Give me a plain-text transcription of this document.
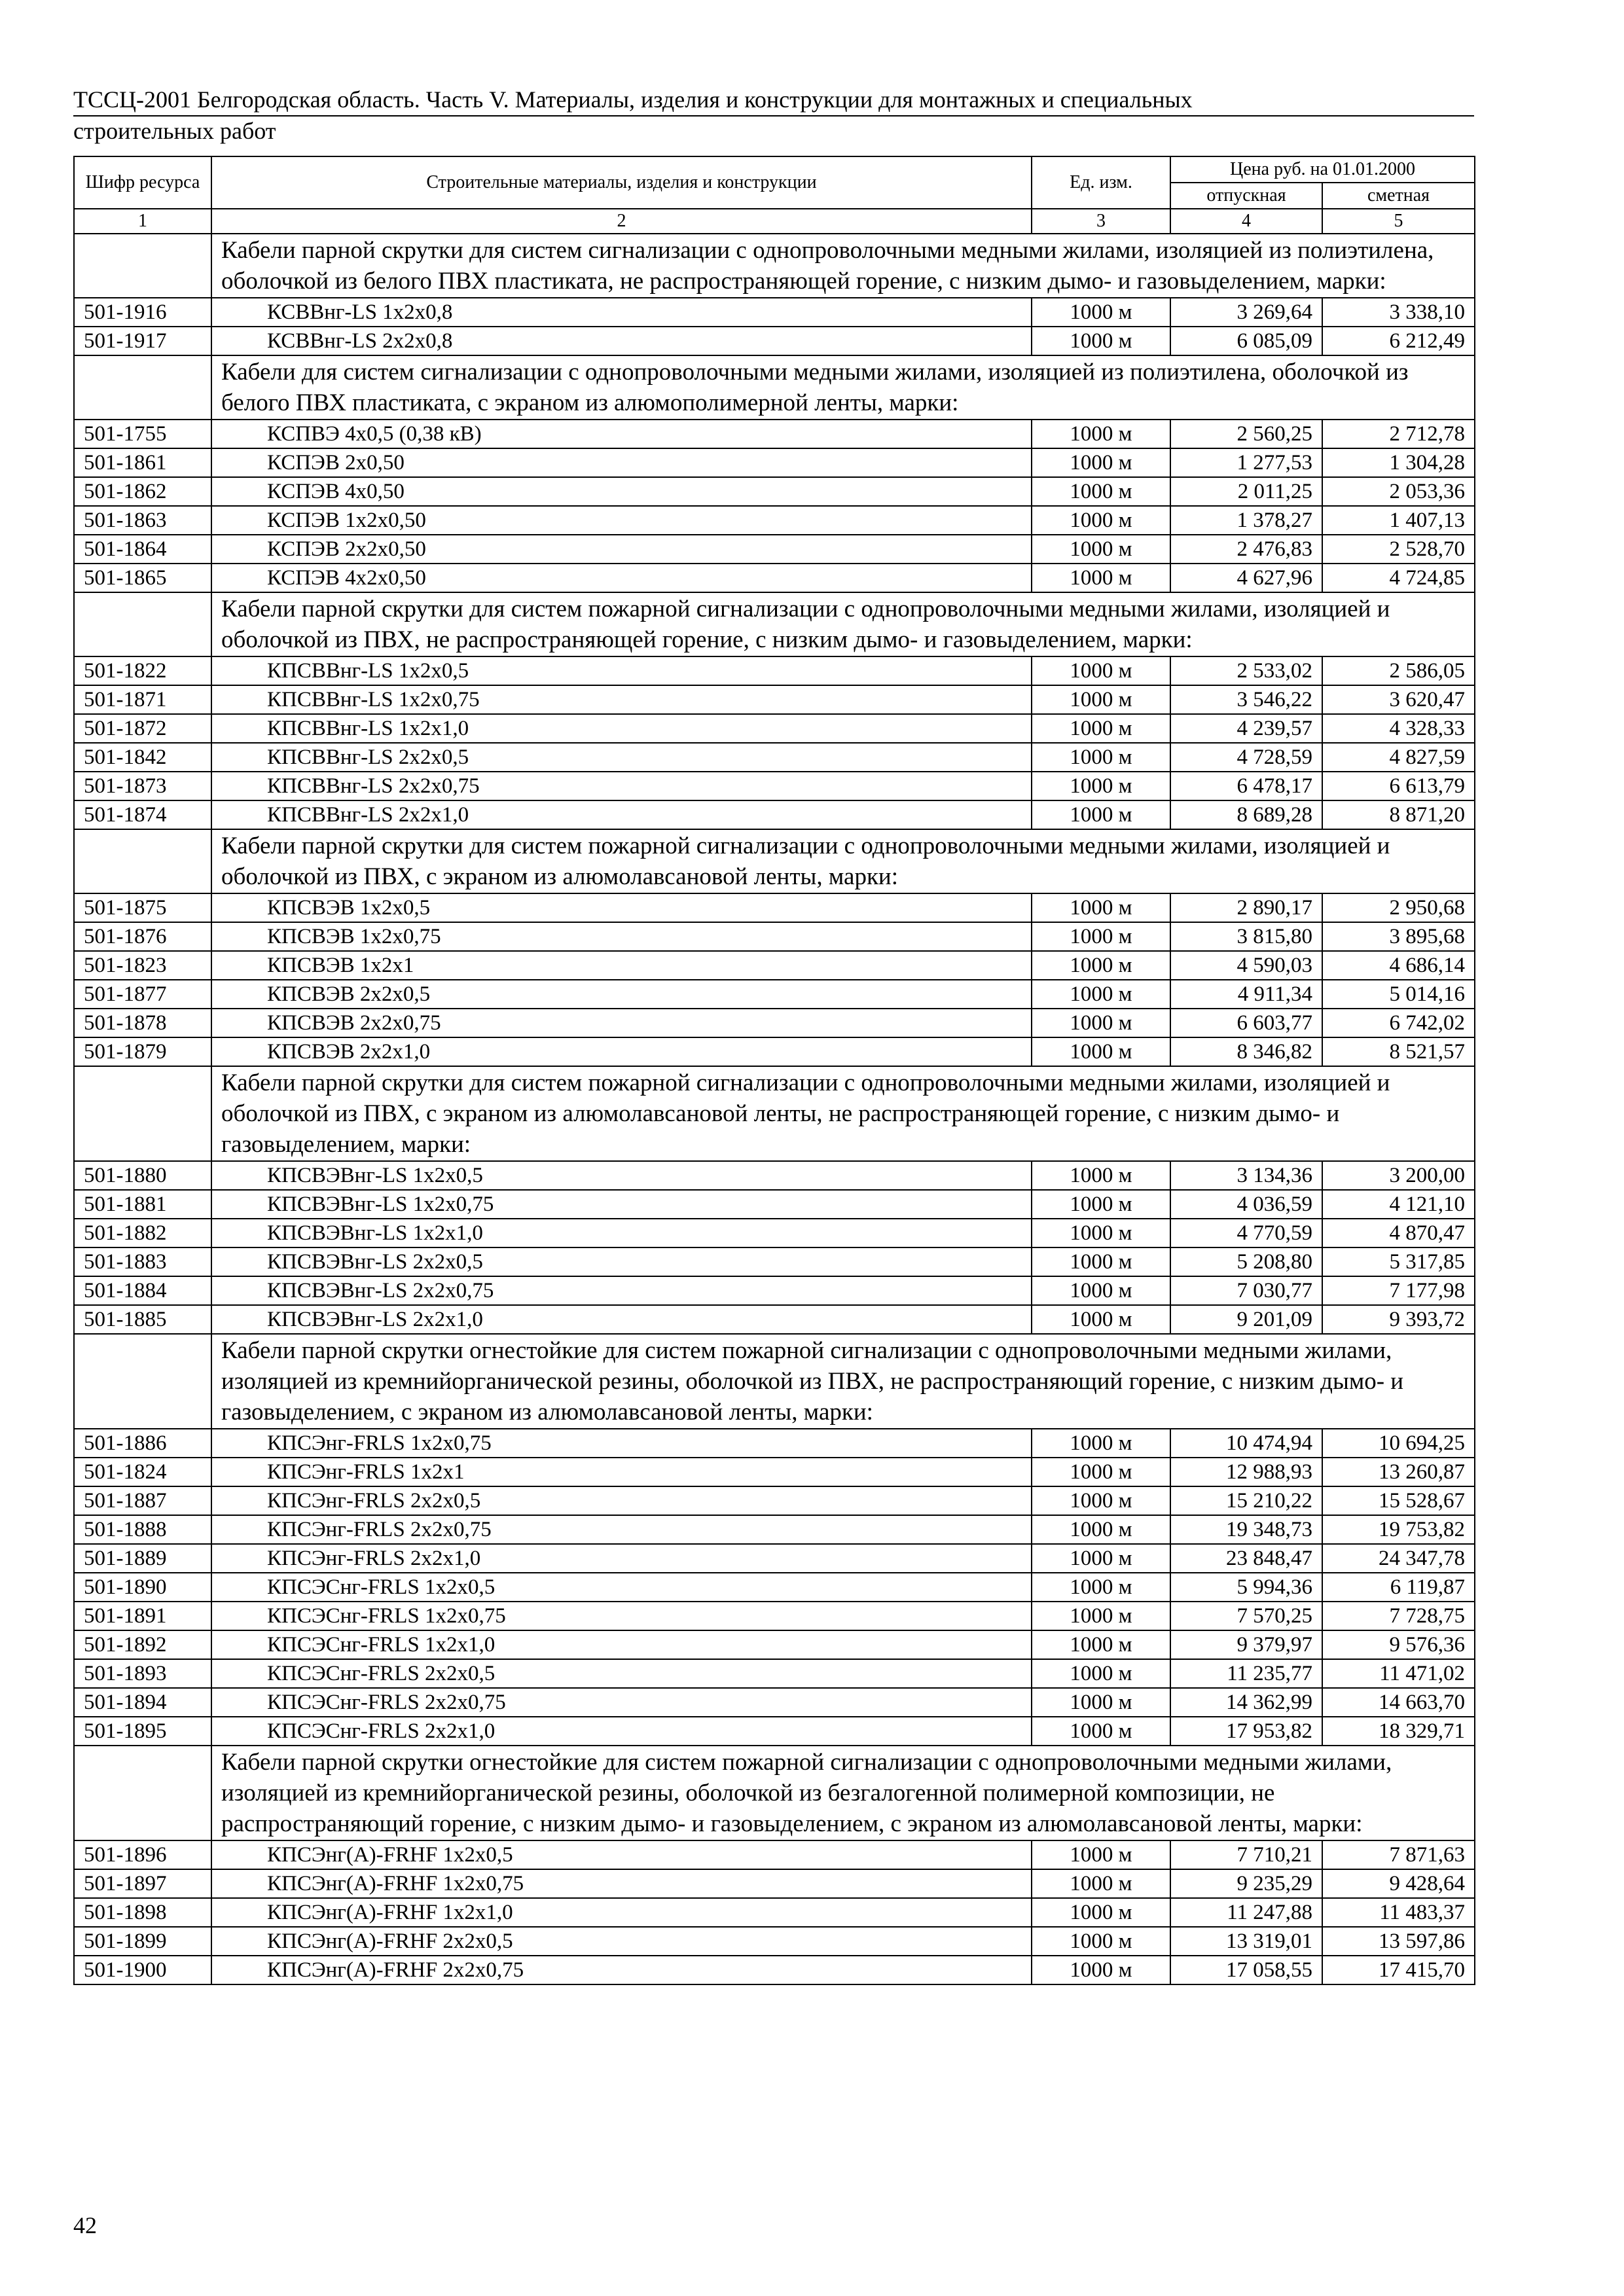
ТССЦ-2001 Белгородская область. Часть V. Материалы, изделия и конструкции для монтажных и специальных
строительных работ
Шифр ресурса	Строительные материалы, изделия и конструкции	Ед. изм.	Цена руб. на 01.01.2000	
			отпускная	сметная
1	2	3	4	5
	Кабели парной скрутки для систем сигнализации с однопроволочными медными жилами, изоляцией из полиэтилена, оболочкой из белого ПВХ пластиката, не распространяющей горение, с низким дымо- и газовыделением, марки:			
501-1916	КСВВнг-LS 1х2х0,8	1000 м	3 269,64	3 338,10
501-1917	КСВВнг-LS 2х2х0,8	1000 м	6 085,09	6 212,49
	Кабели для систем сигнализации с однопроволочными медными жилами, изоляцией из полиэтилена, оболочкой из белого ПВХ пластиката, с экраном из алюмополимерной ленты, марки:			
501-1755	КСПВЭ 4х0,5 (0,38 кВ)	1000 м	2 560,25	2 712,78
501-1861	КСПЭВ 2х0,50	1000 м	1 277,53	1 304,28
501-1862	КСПЭВ 4х0,50	1000 м	2 011,25	2 053,36
501-1863	КСПЭВ 1х2х0,50	1000 м	1 378,27	1 407,13
501-1864	КСПЭВ 2х2х0,50	1000 м	2 476,83	2 528,70
501-1865	КСПЭВ 4х2х0,50	1000 м	4 627,96	4 724,85
	Кабели парной скрутки для систем пожарной сигнализации с однопроволочными медными жилами, изоляцией и оболочкой из ПВХ, не распространяющей горение, с низким дымо- и газовыделением, марки:			
501-1822	КПСВВнг-LS 1х2х0,5	1000 м	2 533,02	2 586,05
501-1871	КПСВВнг-LS 1х2х0,75	1000 м	3 546,22	3 620,47
501-1872	КПСВВнг-LS 1х2х1,0	1000 м	4 239,57	4 328,33
501-1842	КПСВВнг-LS 2х2х0,5	1000 м	4 728,59	4 827,59
501-1873	КПСВВнг-LS 2х2х0,75	1000 м	6 478,17	6 613,79
501-1874	КПСВВнг-LS 2х2х1,0	1000 м	8 689,28	8 871,20
	Кабели парной скрутки для систем пожарной сигнализации с однопроволочными медными жилами, изоляцией и оболочкой из ПВХ, с экраном из алюмолавсановой ленты, марки:			
501-1875	КПСВЭВ 1х2х0,5	1000 м	2 890,17	2 950,68
501-1876	КПСВЭВ 1х2х0,75	1000 м	3 815,80	3 895,68
501-1823	КПСВЭВ 1х2х1	1000 м	4 590,03	4 686,14
501-1877	КПСВЭВ 2х2х0,5	1000 м	4 911,34	5 014,16
501-1878	КПСВЭВ 2х2х0,75	1000 м	6 603,77	6 742,02
501-1879	КПСВЭВ 2х2х1,0	1000 м	8 346,82	8 521,57
	Кабели парной скрутки для систем пожарной сигнализации с однопроволочными медными жилами, изоляцией и оболочкой из ПВХ, с экраном из алюмолавсановой ленты, не распространяющей горение, с низким дымо- и газовыделением, марки:			
501-1880	КПСВЭВнг-LS 1х2х0,5	1000 м	3 134,36	3 200,00
501-1881	КПСВЭВнг-LS 1х2х0,75	1000 м	4 036,59	4 121,10
501-1882	КПСВЭВнг-LS 1х2х1,0	1000 м	4 770,59	4 870,47
501-1883	КПСВЭВнг-LS 2х2х0,5	1000 м	5 208,80	5 317,85
501-1884	КПСВЭВнг-LS 2х2х0,75	1000 м	7 030,77	7 177,98
501-1885	КПСВЭВнг-LS 2х2х1,0	1000 м	9 201,09	9 393,72
	Кабели парной скрутки огнестойкие для систем пожарной сигнализации с однопроволочными медными жилами, изоляцией из кремнийорганической резины, оболочкой из ПВХ, не распространяющий горение, с низким дымо- и газовыделением, с экраном из алюмолавсановой ленты, марки:			
501-1886	КПСЭнг-FRLS 1х2х0,75	1000 м	10 474,94	10 694,25
501-1824	КПСЭнг-FRLS 1х2х1	1000 м	12 988,93	13 260,87
501-1887	КПСЭнг-FRLS 2х2х0,5	1000 м	15 210,22	15 528,67
501-1888	КПСЭнг-FRLS 2х2х0,75	1000 м	19 348,73	19 753,82
501-1889	КПСЭнг-FRLS 2х2х1,0	1000 м	23 848,47	24 347,78
501-1890	КПСЭСнг-FRLS 1х2х0,5	1000 м	5 994,36	6 119,87
501-1891	КПСЭСнг-FRLS 1х2х0,75	1000 м	7 570,25	7 728,75
501-1892	КПСЭСнг-FRLS 1х2х1,0	1000 м	9 379,97	9 576,36
501-1893	КПСЭСнг-FRLS 2х2х0,5	1000 м	11 235,77	11 471,02
501-1894	КПСЭСнг-FRLS 2х2х0,75	1000 м	14 362,99	14 663,70
501-1895	КПСЭСнг-FRLS 2х2х1,0	1000 м	17 953,82	18 329,71
	Кабели парной скрутки огнестойкие для систем пожарной сигнализации с однопроволочными медными жилами, изоляцией из кремнийорганической резины, оболочкой из безгалогенной полимерной композиции, не распространяющий горение, с низким дымо- и газовыделением, с экраном из алюмолавсановой ленты, марки:			
501-1896	КПСЭнг(А)-FRHF 1х2х0,5	1000 м	7 710,21	7 871,63
501-1897	КПСЭнг(А)-FRHF 1х2х0,75	1000 м	9 235,29	9 428,64
501-1898	КПСЭнг(А)-FRHF 1х2х1,0	1000 м	11 247,88	11 483,37
501-1899	КПСЭнг(А)-FRHF 2х2х0,5	1000 м	13 319,01	13 597,86
501-1900	КПСЭнг(А)-FRHF 2х2х0,75	1000 м	17 058,55	17 415,70
42
